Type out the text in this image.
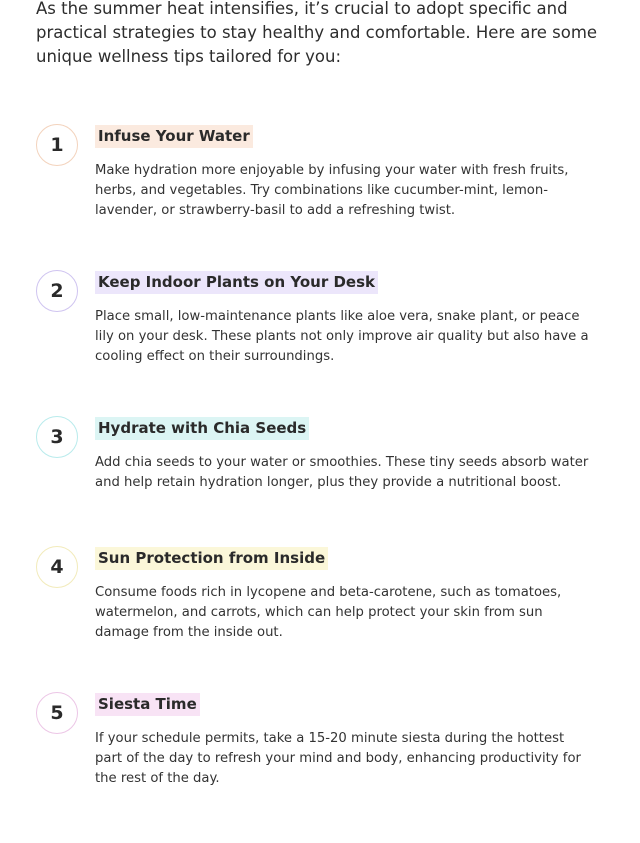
As the summer heat intensifies, it’s crucial to adopt specific and practical strategies to stay healthy and comfortable. Here are some unique wellness tips tailored for you:

1	Infuse Your Water

Make hydration more enjoyable by infusing your water with fresh fruits, herbs, and vegetables. Try combinations like cucumber-mint, lemon-lavender, or strawberry-basil to add a refreshing twist.

2	Keep Indoor Plants on Your Desk

Place small, low-maintenance plants like aloe vera, snake plant, or peace lily on your desk. These plants not only improve air quality but also have a cooling effect on their surroundings.

3	Hydrate with Chia Seeds

Add chia seeds to your water or smoothies. These tiny seeds absorb water and help retain hydration longer, plus they provide a nutritional boost.

4	Sun Protection from Inside

Consume foods rich in lycopene and beta-carotene, such as tomatoes, watermelon, and carrots, which can help protect your skin from sun damage from the inside out.

5	Siesta Time

If your schedule permits, take a 15-20 minute siesta during the hottest part of the day to refresh your mind and body, enhancing productivity for the rest of the day.
